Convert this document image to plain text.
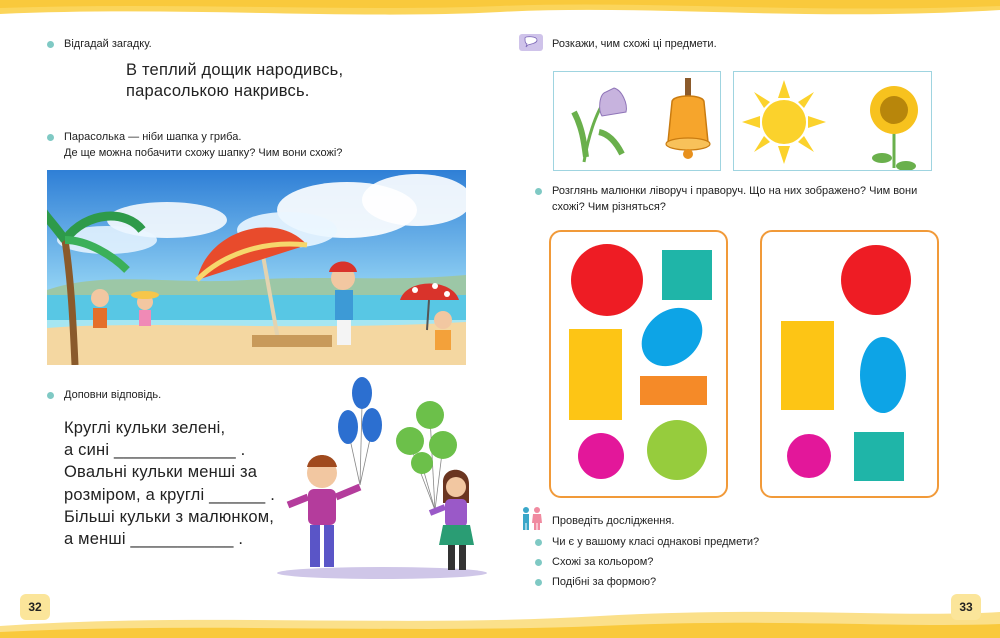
Відгадай загадку.
В теплий дощик народивсь,
парасолькою накривсь.
Парасолька — ніби шапка у гриба.
Де ще можна побачити схожу шапку? Чим вони схожі?
Доповни відповідь.
Круглі кульки зелені,
а сині _____________ .
Овальні кульки менші за
розміром, а круглі ______ .
Більші кульки з малюнком,
а менші ___________ .
32
Розкажи, чим схожі ці предмети.
Розглянь малюнки ліворуч і праворуч. Що на них зображено? Чим вони
схожі? Чим різняться?
Проведіть дослідження.
Чи є у вашому класі однакові предмети?
Схожі за кольором?
Подібні за формою?
33
